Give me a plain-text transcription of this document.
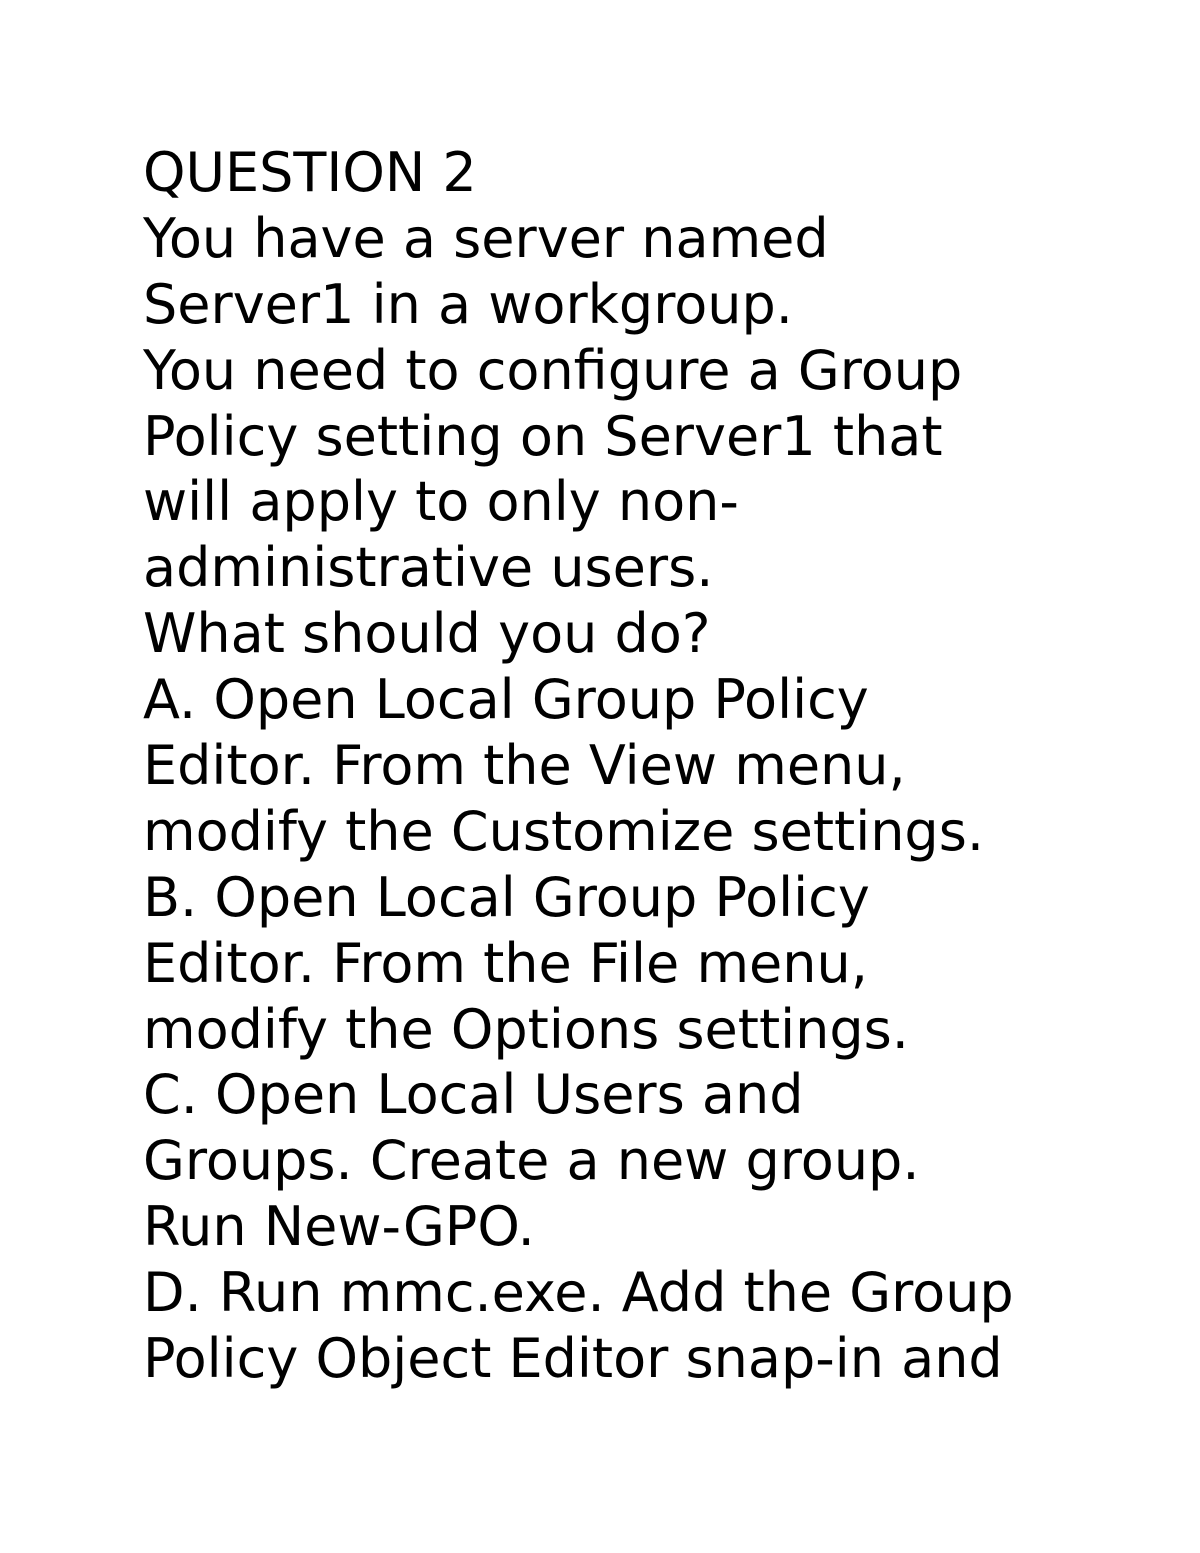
QUESTION 2
You have a server named
Server1 in a workgroup.
You need to configure a Group
Policy setting on Server1 that
will apply to only non-
administrative users.
What should you do?
A. Open Local Group Policy
Editor. From the View menu,
modify the Customize settings.
B. Open Local Group Policy
Editor. From the File menu,
modify the Options settings.
C. Open Local Users and
Groups. Create a new group.
Run New-GPO.
D. Run mmc.exe. Add the Group
Policy Object Editor snap-in and
